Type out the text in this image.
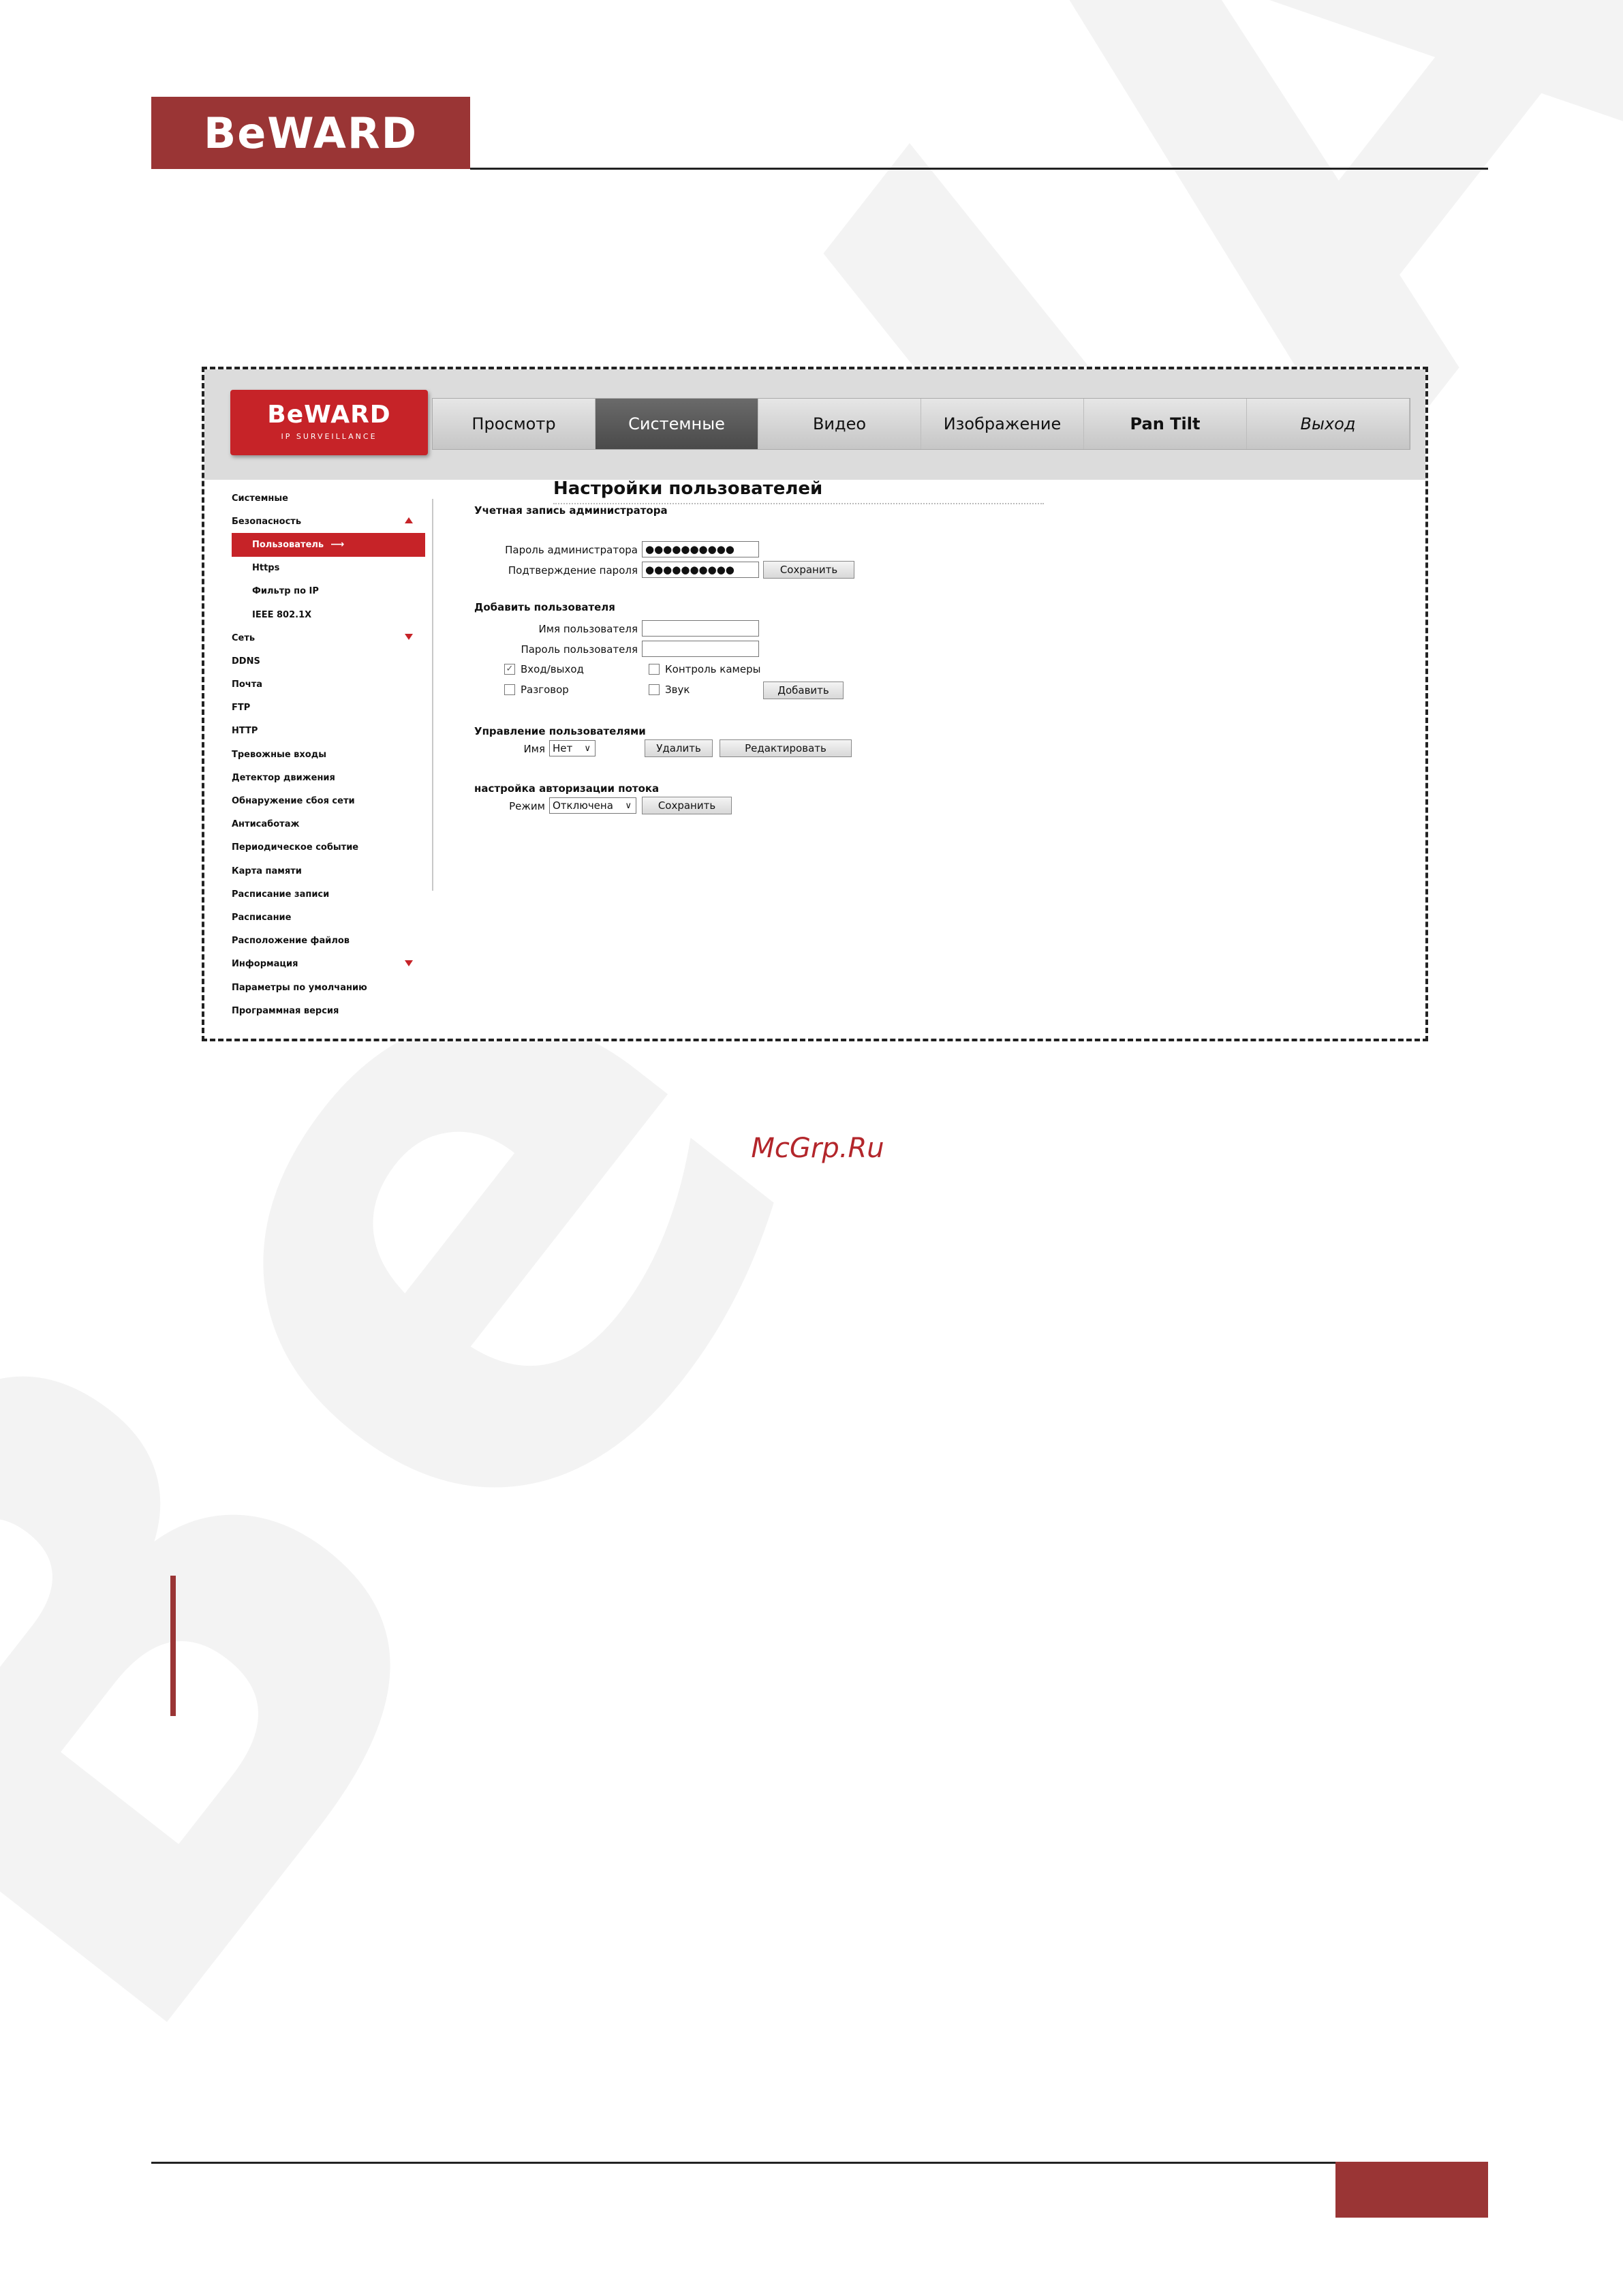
BeWARD
BeWARD
IP SURVEILLANCE
Просмотр	Системные	Видео	Изображение	Pan Tilt	Выход
Системные
Безопасность
Пользователь ⟶
Https
Фильтр по IP
IEEE 802.1X
Сеть
DDNS
Почта
FTP
HTTP
Тревожные входы
Детектор движения
Обнаружение сбоя сети
Антисаботаж
Периодическое событие
Карта памяти
Расписание записи
Расписание
Расположение файлов
Информация
Параметры по умолчанию
Программная версия
Настройки пользователей
Учетная запись администратора
Пароль администратора ●●●●●●●●●●
Подтверждение пароля ●●●●●●●●●●	Сохранить
Добавить пользователя
Имя пользователя
Пароль пользователя
✓ Вход/выход	Контроль камеры
Разговор	Звук	Добавить
Управление пользователями
Имя Нет ∨	Удалить	Редактировать
настройка авторизации потока
Режим Отключена ∨	Сохранить
McGrp.Ru
